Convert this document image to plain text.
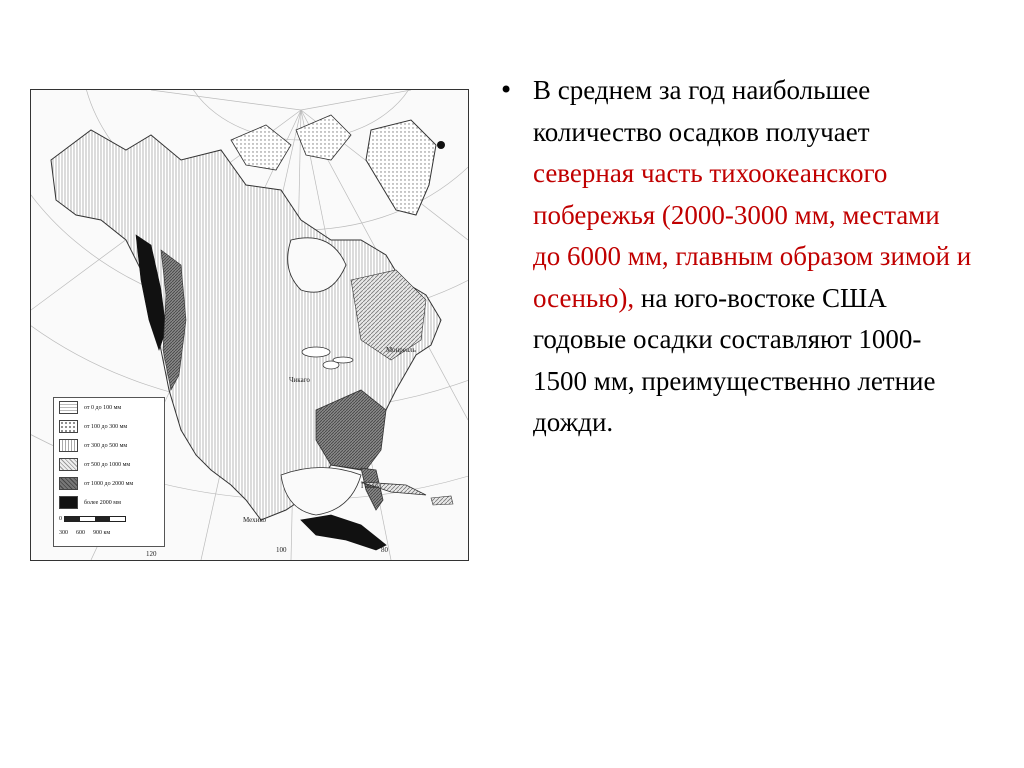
Чикаго
Гавана
Мехико
Монреаль
120	100	80
от 0 до 100 мм
от 100 до 300 мм
от 300 до 500 мм
от 500 до 1000 мм
от 1000 до 2000 мм
более 2000 мм
0
300 600 900 км
• В среднем за год наибольшее количество осадков получает северная часть тихоокеанского побережья (2000-3000 мм, местами до 6000 мм, главным образом зимой и осенью), на юго-востоке США годовые осадки составляют 1000-1500 мм, преимущественно летние дожди.
